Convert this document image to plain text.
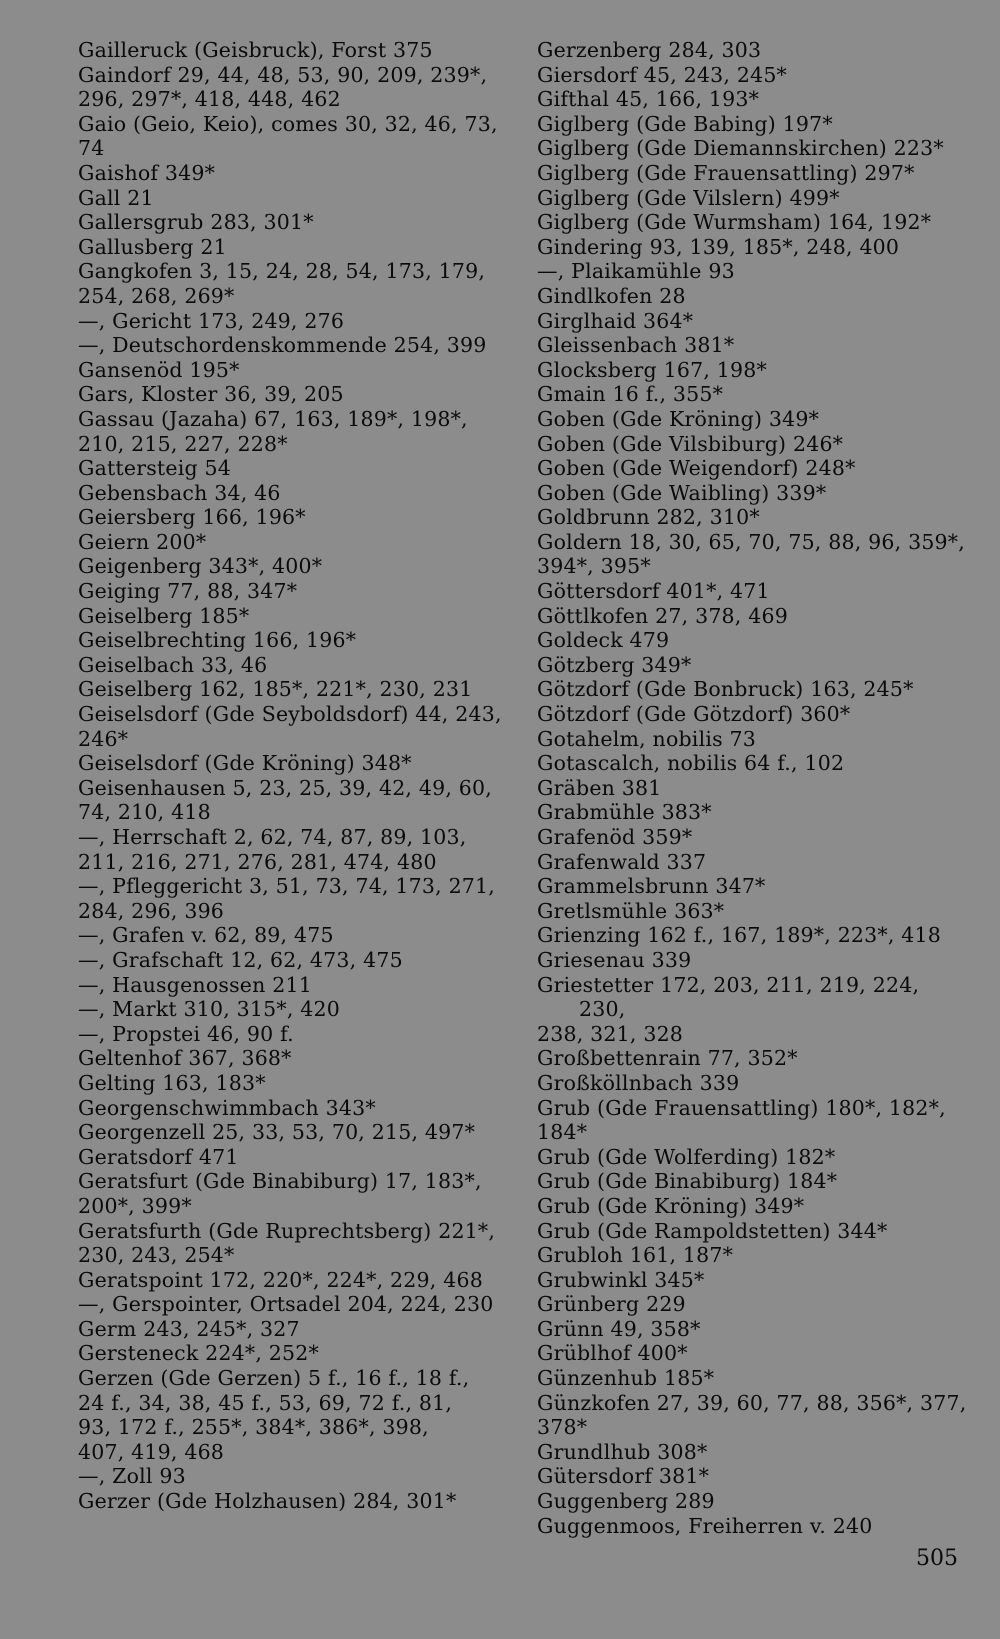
Gailleruck (Geisbruck), Forst 375
Gaindorf 29, 44, 48, 53, 90, 209, 239*,
296, 297*, 418, 448, 462
Gaio (Geio, Keio), comes 30, 32, 46, 73,
74
Gaishof 349*
Gall 21
Gallersgrub 283, 301*
Gallusberg 21
Gangkofen 3, 15, 24, 28, 54, 173, 179,
254, 268, 269*
—, Gericht 173, 249, 276
—, Deutschordenskommende 254, 399
Gansenöd 195*
Gars, Kloster 36, 39, 205
Gassau (Jazaha) 67, 163, 189*, 198*,
210, 215, 227, 228*
Gattersteig 54
Gebensbach 34, 46
Geiersberg 166, 196*
Geiern 200*
Geigenberg 343*, 400*
Geiging 77, 88, 347*
Geiselberg 185*
Geiselbrechting 166, 196*
Geiselbach 33, 46
Geiselberg 162, 185*, 221*, 230, 231
Geiselsdorf (Gde Seyboldsdorf) 44, 243,
246*
Geiselsdorf (Gde Kröning) 348*
Geisenhausen 5, 23, 25, 39, 42, 49, 60,
74, 210, 418
—, Herrschaft 2, 62, 74, 87, 89, 103,
211, 216, 271, 276, 281, 474, 480
—, Pfleggericht 3, 51, 73, 74, 173, 271,
284, 296, 396
—, Grafen v. 62, 89, 475
—, Grafschaft 12, 62, 473, 475
—, Hausgenossen 211
—, Markt 310, 315*, 420
—, Propstei 46, 90 f.
Geltenhof 367, 368*
Gelting 163, 183*
Georgenschwimmbach 343*
Georgenzell 25, 33, 53, 70, 215, 497*
Geratsdorf 471
Geratsfurt (Gde Binabiburg) 17, 183*,
200*, 399*
Geratsfurth (Gde Ruprechtsberg) 221*,
230, 243, 254*
Geratspoint 172, 220*, 224*, 229, 468
—, Gerspointer, Ortsadel 204, 224, 230
Germ 243, 245*, 327
Gersteneck 224*, 252*
Gerzen (Gde Gerzen) 5 f., 16 f., 18 f.,
24 f., 34, 38, 45 f., 53, 69, 72 f., 81,
93, 172 f., 255*, 384*, 386*, 398,
407, 419, 468
—, Zoll 93
Gerzer (Gde Holzhausen) 284, 301*
Gerzenberg 284, 303
Giersdorf 45, 243, 245*
Gifthal 45, 166, 193*
Giglberg (Gde Babing) 197*
Giglberg (Gde Diemannskirchen) 223*
Giglberg (Gde Frauensattling) 297*
Giglberg (Gde Vilslern) 499*
Giglberg (Gde Wurmsham) 164, 192*
Gindering 93, 139, 185*, 248, 400
—, Plaikamühle 93
Gindlkofen 28
Girglhaid 364*
Gleissenbach 381*
Glocksberg 167, 198*
Gmain 16 f., 355*
Goben (Gde Kröning) 349*
Goben (Gde Vilsbiburg) 246*
Goben (Gde Weigendorf) 248*
Goben (Gde Waibling) 339*
Goldbrunn 282, 310*
Goldern 18, 30, 65, 70, 75, 88, 96, 359*,
394*, 395*
Göttersdorf 401*, 471
Göttlkofen 27, 378, 469
Goldeck 479
Götzberg 349*
Götzdorf (Gde Bonbruck) 163, 245*
Götzdorf (Gde Götzdorf) 360*
Gotahelm, nobilis 73
Gotascalch, nobilis 64 f., 102
Gräben 381
Grabmühle 383*
Grafenöd 359*
Grafenwald 337
Grammelsbrunn 347*
Gretlsmühle 363*
Grienzing 162 f., 167, 189*, 223*, 418
Griesenau 339
Griestetter 172, 203, 211, 219, 224, 230,
238, 321, 328
Großbettenrain 77, 352*
Großköllnbach 339
Grub (Gde Frauensattling) 180*, 182*,
184*
Grub (Gde Wolferding) 182*
Grub (Gde Binabiburg) 184*
Grub (Gde Kröning) 349*
Grub (Gde Rampoldstetten) 344*
Grubloh 161, 187*
Grubwinkl 345*
Grünberg 229
Grünn 49, 358*
Grüblhof 400*
Günzenhub 185*
Günzkofen 27, 39, 60, 77, 88, 356*, 377,
378*
Grundlhub 308*
Gütersdorf 381*
Guggenberg 289
Guggenmoos, Freiherren v. 240
505
